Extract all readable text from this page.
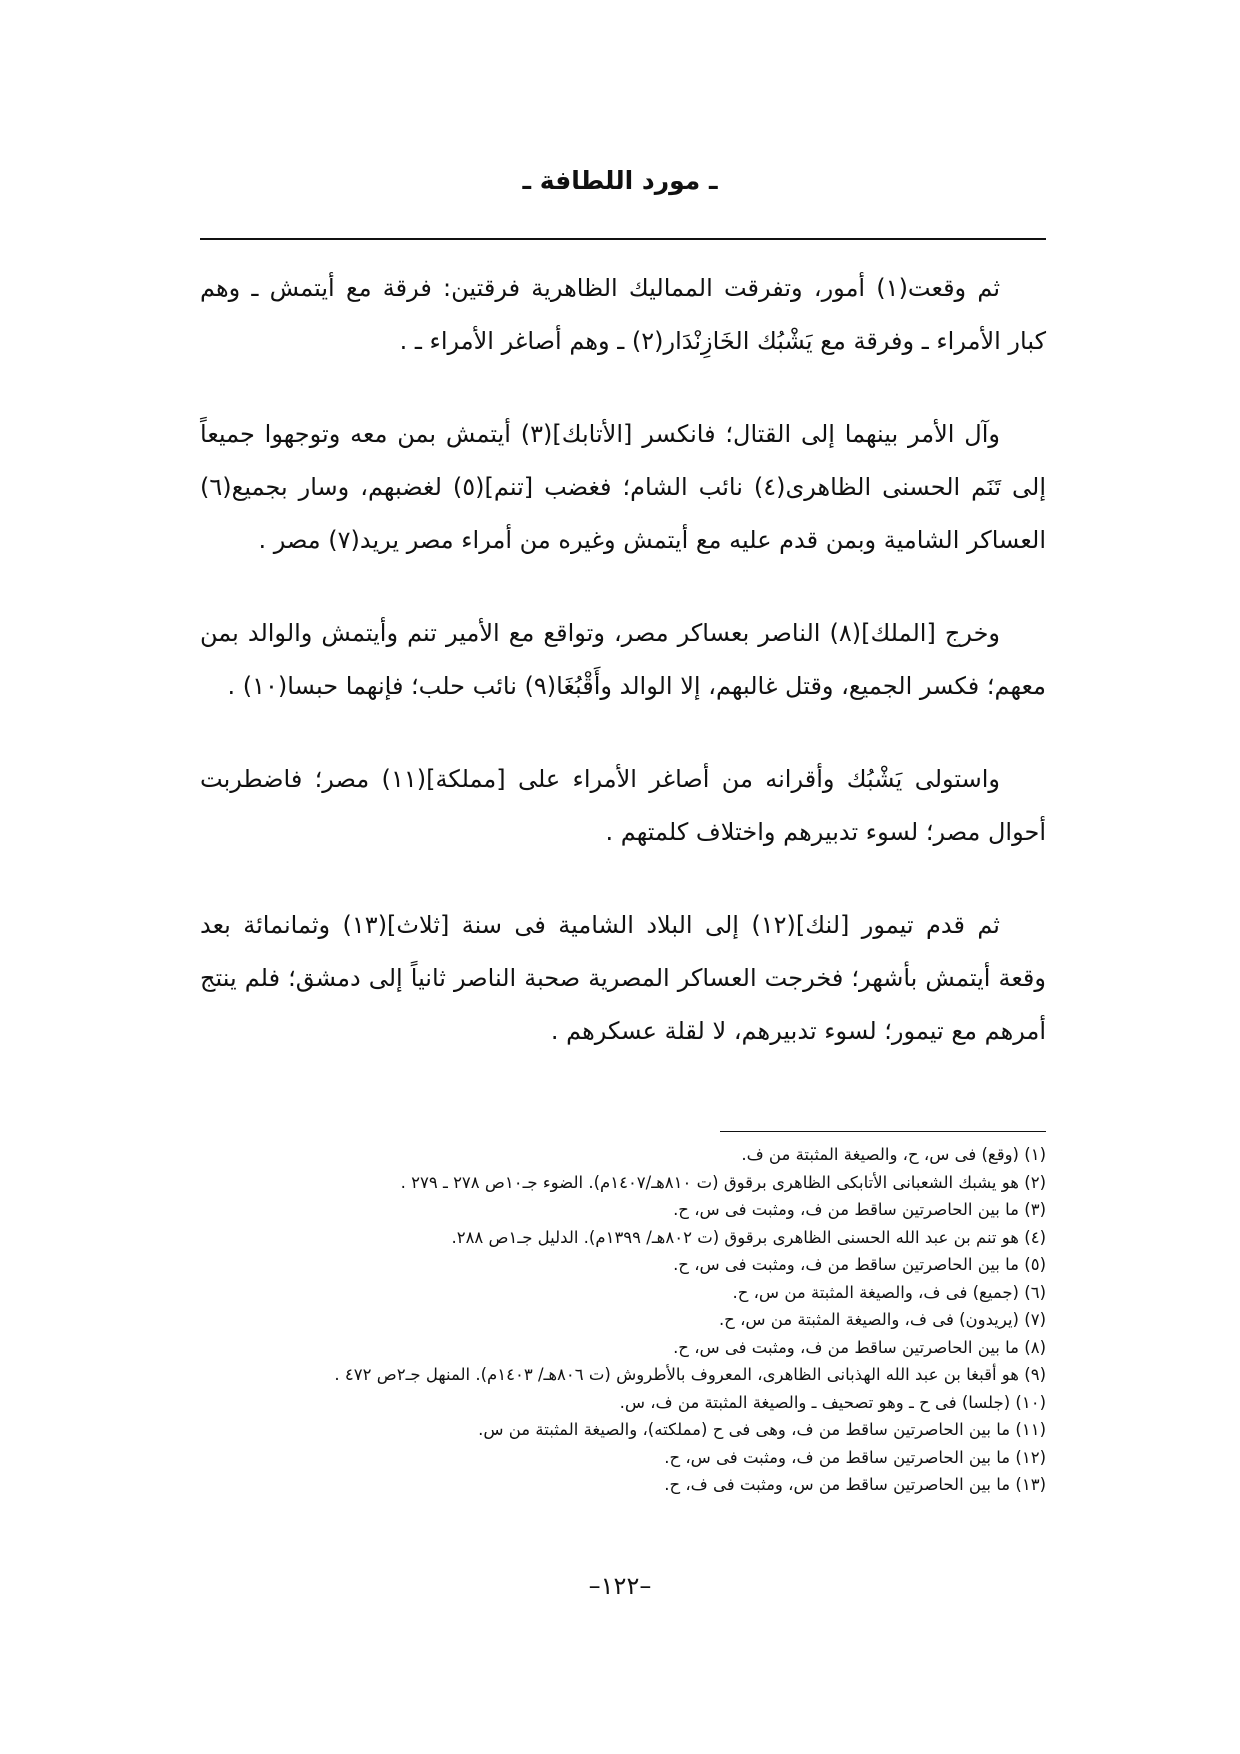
ـ مورد اللطافة ـ

ثم وقعت(١) أمور، وتفرقت المماليك الظاهرية فرقتين: فرقة مع أيتمش ـ وهم كبار الأمراء ـ وفرقة مع يَشْبُك الخَازِنْدَار(٢) ـ وهم أصاغر الأمراء ـ .

وآل الأمر بينهما إلى القتال؛ فانكسر [الأتابك](٣) أيتمش بمن معه وتوجهوا جميعاً إلى تَنَم الحسنى الظاهرى(٤) نائب الشام؛ فغضب [تنم](٥) لغضبهم، وسار بجميع(٦) العساكر الشامية وبمن قدم عليه مع أيتمش وغيره من أمراء مصر يريد(٧) مصر .

وخرج [الملك](٨) الناصر بعساكر مصر، وتواقع مع الأمير تنم وأيتمش والوالد بمن معهم؛ فكسر الجميع، وقتل غالبهم، إلا الوالد وأَقْبُغَا(٩) نائب حلب؛ فإنهما حبسا(١٠) .

واستولى يَشْبُك وأقرانه من أصاغر الأمراء على [مملكة](١١) مصر؛ فاضطربت أحوال مصر؛ لسوء تدبيرهم واختلاف كلمتهم .

ثم قدم تيمور [لنك](١٢) إلى البلاد الشامية فى سنة [ثلاث](١٣) وثمانمائة بعد وقعة أيتمش بأشهر؛ فخرجت العساكر المصرية صحبة الناصر ثانياً إلى دمشق؛ فلم ينتج أمرهم مع تيمور؛ لسوء تدبيرهم، لا لقلة عسكرهم .

(١) (وقع) فى س، ح، والصيغة المثبتة من ف.
(٢) هو يشبك الشعبانى الأتابكى الظاهرى برقوق (ت ٨١٠هـ/١٤٠٧م). الضوء جـ١٠ص ٢٧٨ ـ ٢٧٩ .
(٣) ما بين الحاصرتين ساقط من ف، ومثبت فى س، ح.
(٤) هو تنم بن عبد الله الحسنى الظاهرى برقوق (ت ٨٠٢هـ/ ١٣٩٩م). الدليل جـ١ص ٢٨٨.
(٥) ما بين الحاصرتين ساقط من ف، ومثبت فى س، ح.
(٦) (جميع) فى ف، والصيغة المثبتة من س، ح.
(٧) (يريدون) فى ف، والصيغة المثبتة من س، ح.
(٨) ما بين الحاصرتين ساقط من ف، ومثبت فى س، ح.
(٩) هو أقبغا بن عبد الله الهذبانى الظاهرى، المعروف بالأطروش (ت ٨٠٦هـ/ ١٤٠٣م). المنهل جـ٢ص ٤٧٢ .
(١٠) (جلسا) فى ح ـ وهو تصحيف ـ والصيغة المثبتة من ف، س.
(١١) ما بين الحاصرتين ساقط من ف، وهى فى ح (مملكته)، والصيغة المثبتة من س.
(١٢) ما بين الحاصرتين ساقط من ف، ومثبت فى س، ح.
(١٣) ما بين الحاصرتين ساقط من س، ومثبت فى ف، ح.
–١٢٢–
